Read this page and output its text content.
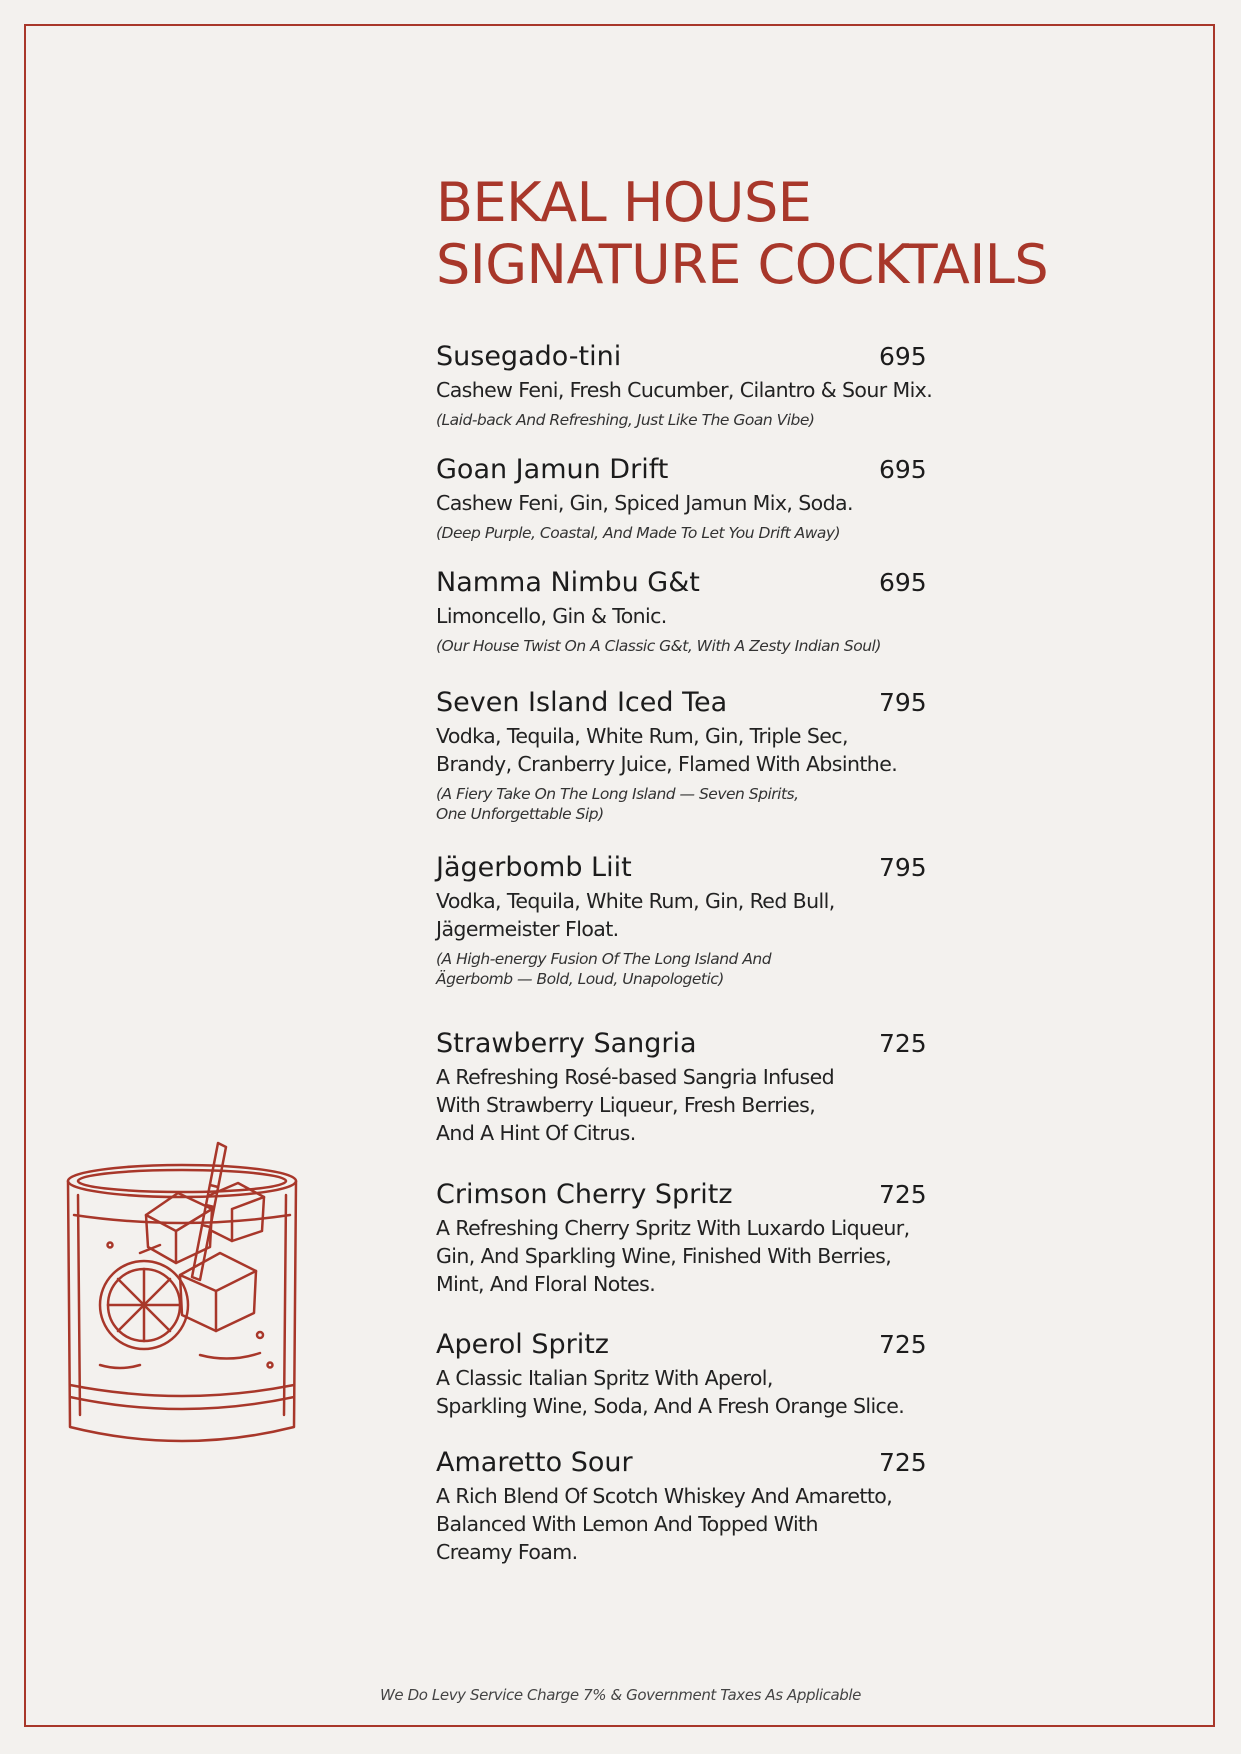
BEKAL HOUSE
SIGNATURE COCKTAILS
Susegado-tini	695
Cashew Feni, Fresh Cucumber, Cilantro & Sour Mix.
(Laid-back And Refreshing, Just Like The Goan Vibe)
Goan Jamun Drift	695
Cashew Feni, Gin, Spiced Jamun Mix, Soda.
(Deep Purple, Coastal, And Made To Let You Drift Away)
Namma Nimbu G&t	695
Limoncello, Gin & Tonic.
(Our House Twist On A Classic G&t, With A Zesty Indian Soul)
Seven Island Iced Tea	795
Vodka, Tequila, White Rum, Gin, Triple Sec,
Brandy, Cranberry Juice, Flamed With Absinthe.
(A Fiery Take On The Long Island — Seven Spirits,
One Unforgettable Sip)
Jägerbomb Liit	795
Vodka, Tequila, White Rum, Gin, Red Bull,
Jägermeister Float.
(A High-energy Fusion Of The Long Island And
Ägerbomb — Bold, Loud, Unapologetic)
Strawberry Sangria	725
A Refreshing Rosé-based Sangria Infused
With Strawberry Liqueur, Fresh Berries,
And A Hint Of Citrus.
Crimson Cherry Spritz	725
A Refreshing Cherry Spritz With Luxardo Liqueur,
Gin, And Sparkling Wine, Finished With Berries,
Mint, And Floral Notes.
Aperol Spritz	725
A Classic Italian Spritz With Aperol,
Sparkling Wine, Soda, And A Fresh Orange Slice.
Amaretto Sour	725
A Rich Blend Of Scotch Whiskey And Amaretto,
Balanced With Lemon And Topped With
Creamy Foam.
We Do Levy Service Charge 7% & Government Taxes As Applicable
